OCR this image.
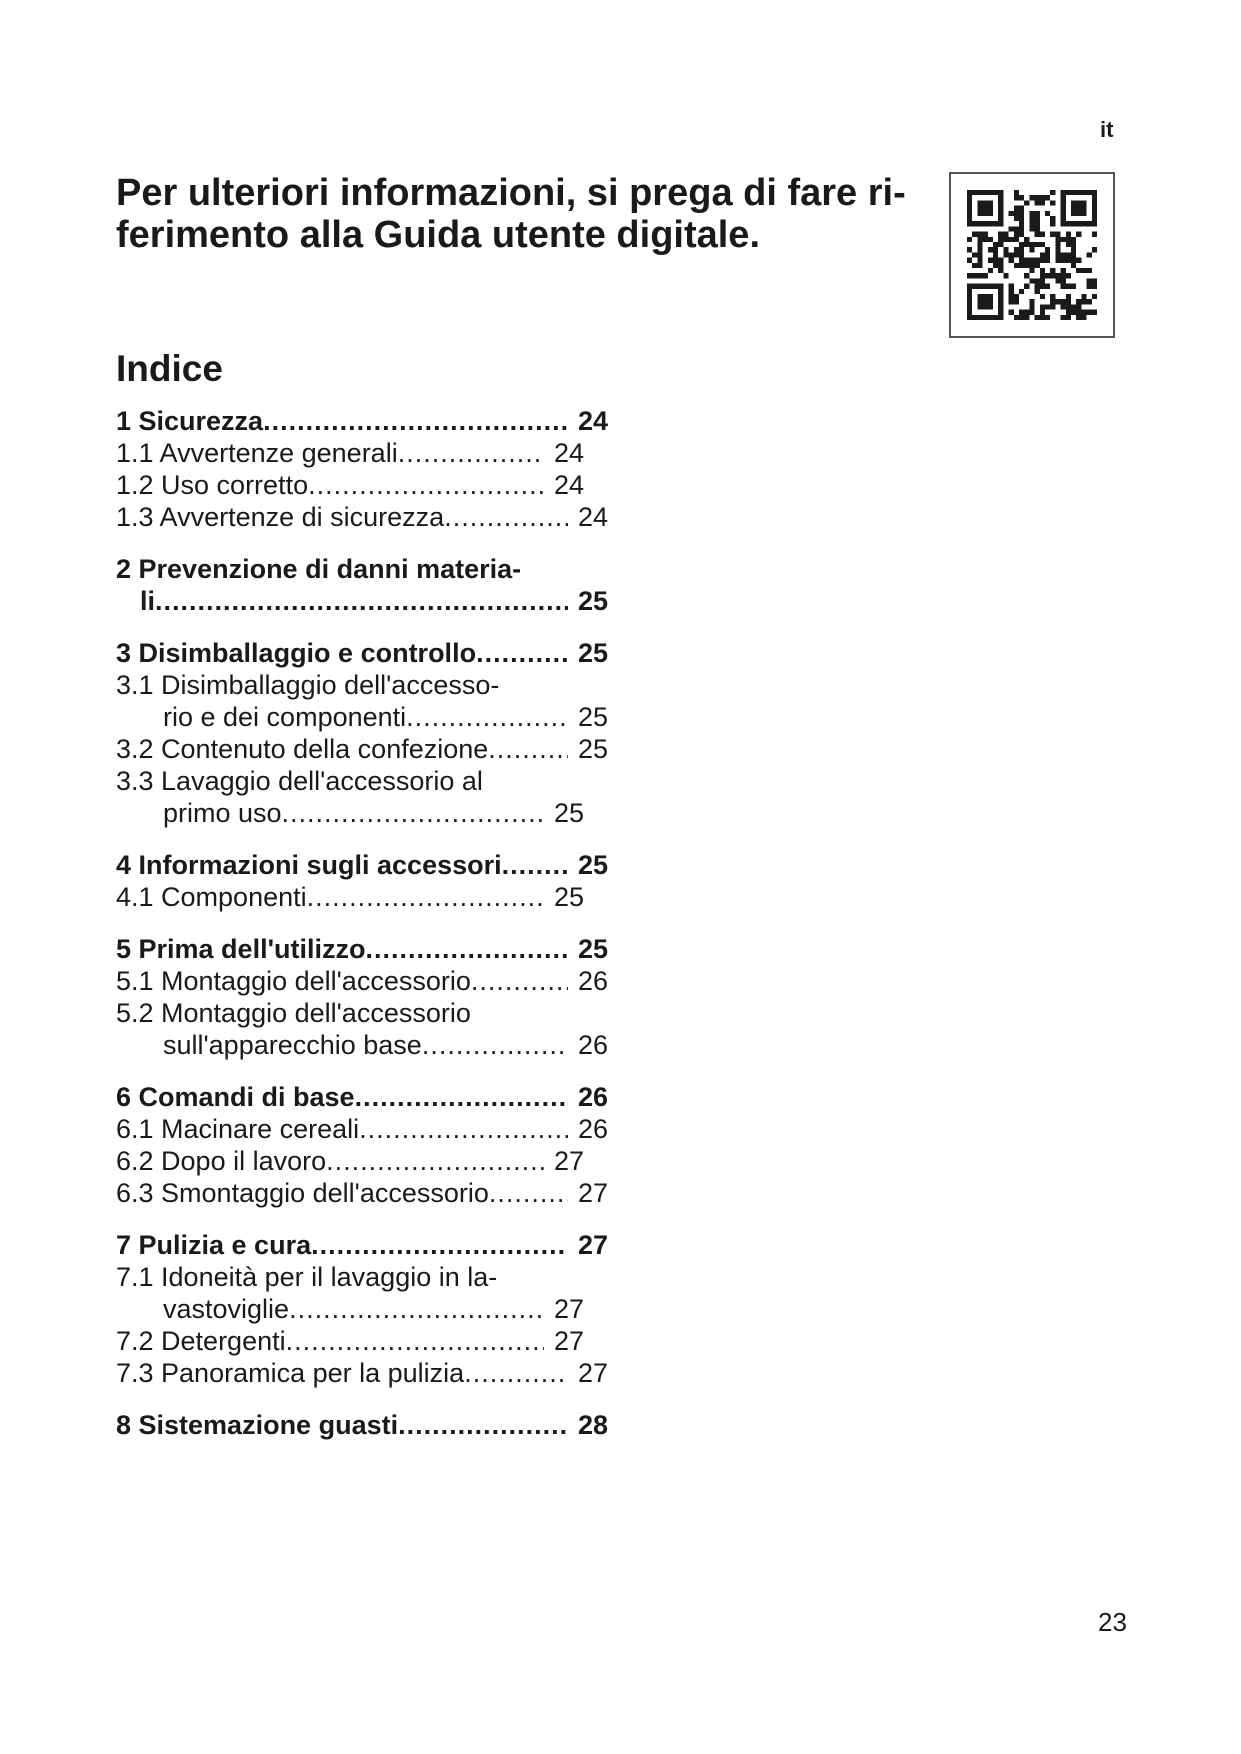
it
Per ulteriori informazioni, si prega di fare ri-
ferimento alla Guida utente digitale.
Indice
1 Sicurezza .....	24
1.1 Avvertenze generali .....	24
1.2 Uso corretto .....	24
1.3 Avvertenze di sicurezza .....	24
2 Prevenzione di danni materia-
li .....	25
3 Disimballaggio e controllo .....	25
3.1 Disimballaggio dell'accesso-
rio e dei componenti .....	25
3.2 Contenuto della confezione .....	25
3.3 Lavaggio dell'accessorio al
primo uso .....	25
4 Informazioni sugli accessori .....	25
4.1 Componenti .....	25
5 Prima dell'utilizzo .....	25
5.1 Montaggio dell'accessorio .....	26
5.2 Montaggio dell'accessorio
sull'apparecchio base .....	26
6 Comandi di base .....	26
6.1 Macinare cereali .....	26
6.2 Dopo il lavoro .....	27
6.3 Smontaggio dell'accessorio .....	27
7 Pulizia e cura .....	27
7.1 Idoneità per il lavaggio in la-
vastoviglie .....	27
7.2 Detergenti .....	27
7.3 Panoramica per la pulizia .....	27
8 Sistemazione guasti .....	28
23
